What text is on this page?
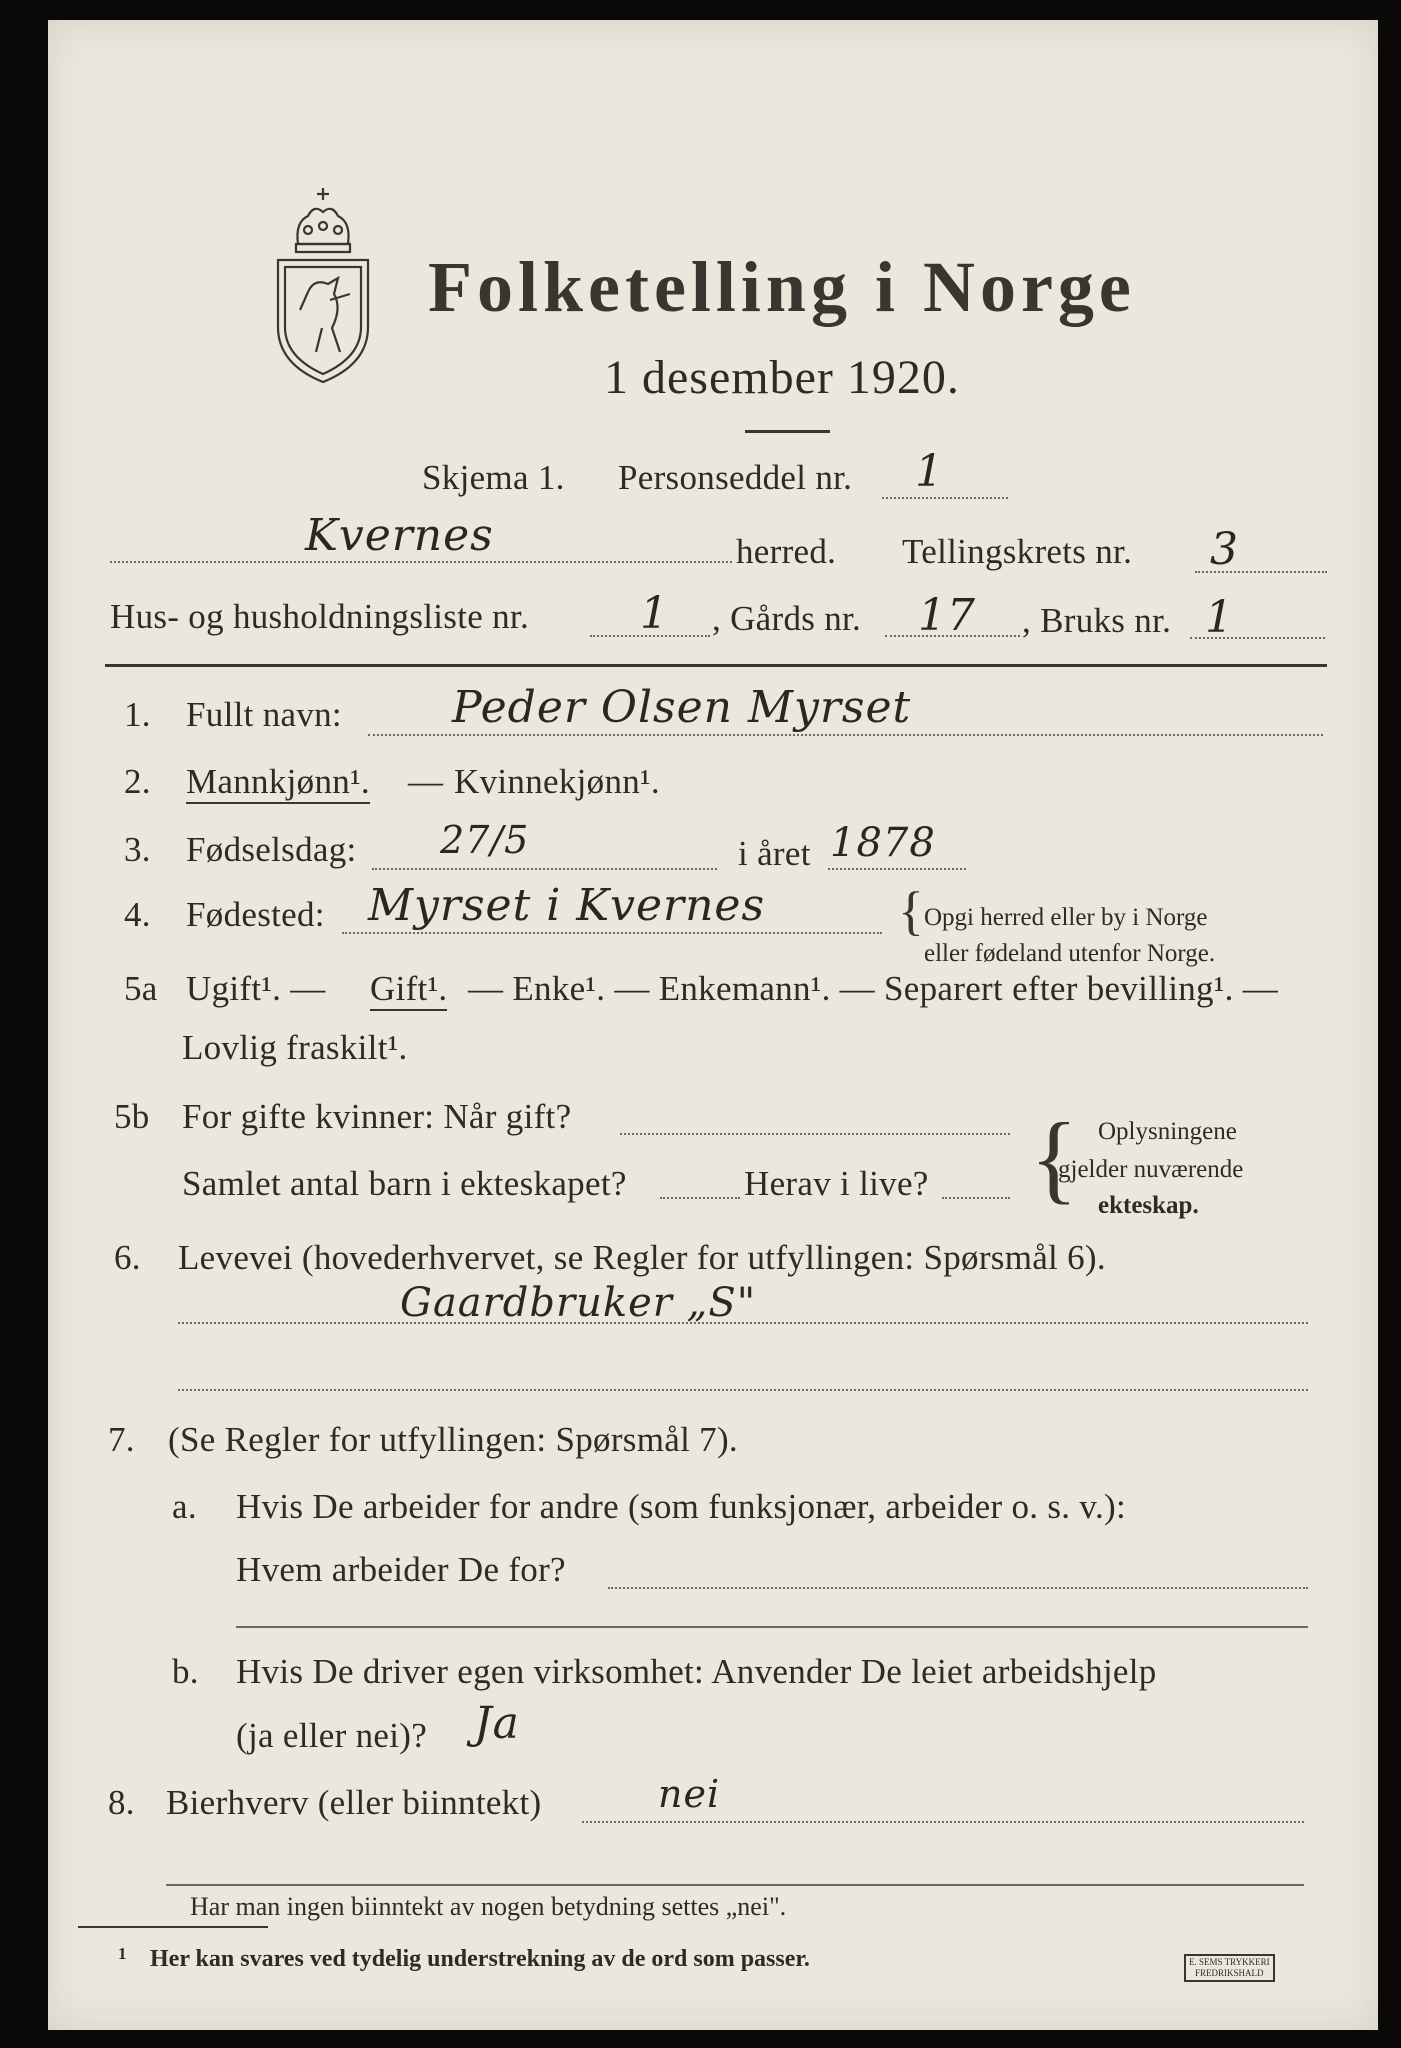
Folketelling i Norge
1 desember 1920.
Skjema 1. Personseddel nr. 1
Kvernes	herred. Tellingskrets nr. 3
Hus- og husholdningsliste nr.	1 , Gårds nr. 17 , Bruks nr. 1
1. Fullt navn:	Peder Olsen Myrset
2. Mannkjønn¹. — Kvinnekjønn¹.
3. Fødselsdag: 27/5	i året 1878
4. Fødested: Myrset i Kvernes { Opgi herred eller by i Norge
eller fødeland utenfor Norge.
5a Ugift¹. — Gift¹. — Enke¹. — Enkemann¹. — Separert efter bevilling¹. —
Lovlig fraskilt¹.
5b For gifte kvinner: Når gift?
Samlet antal barn i ekteskapet?	Herav i live? { Oplysningene
gjelder nuværende
ekteskap.
6. Levevei (hovederhvervet, se Regler for utfyllingen: Spørsmål 6).
Gaardbruker „S"
7. (Se Regler for utfyllingen: Spørsmål 7).
a. Hvis De arbeider for andre (som funksjonær, arbeider o. s. v.):
Hvem arbeider De for?
b. Hvis De driver egen virksomhet: Anvender De leiet arbeidshjelp
(ja eller nei)? Ja
8. Bierhverv (eller biinntekt)	nei
Har man ingen biinntekt av nogen betydning settes „nei".
1 Her kan svares ved tydelig understrekning av de ord som passer.	E. SEMS TRYKKERI
FREDRIKSHALD
